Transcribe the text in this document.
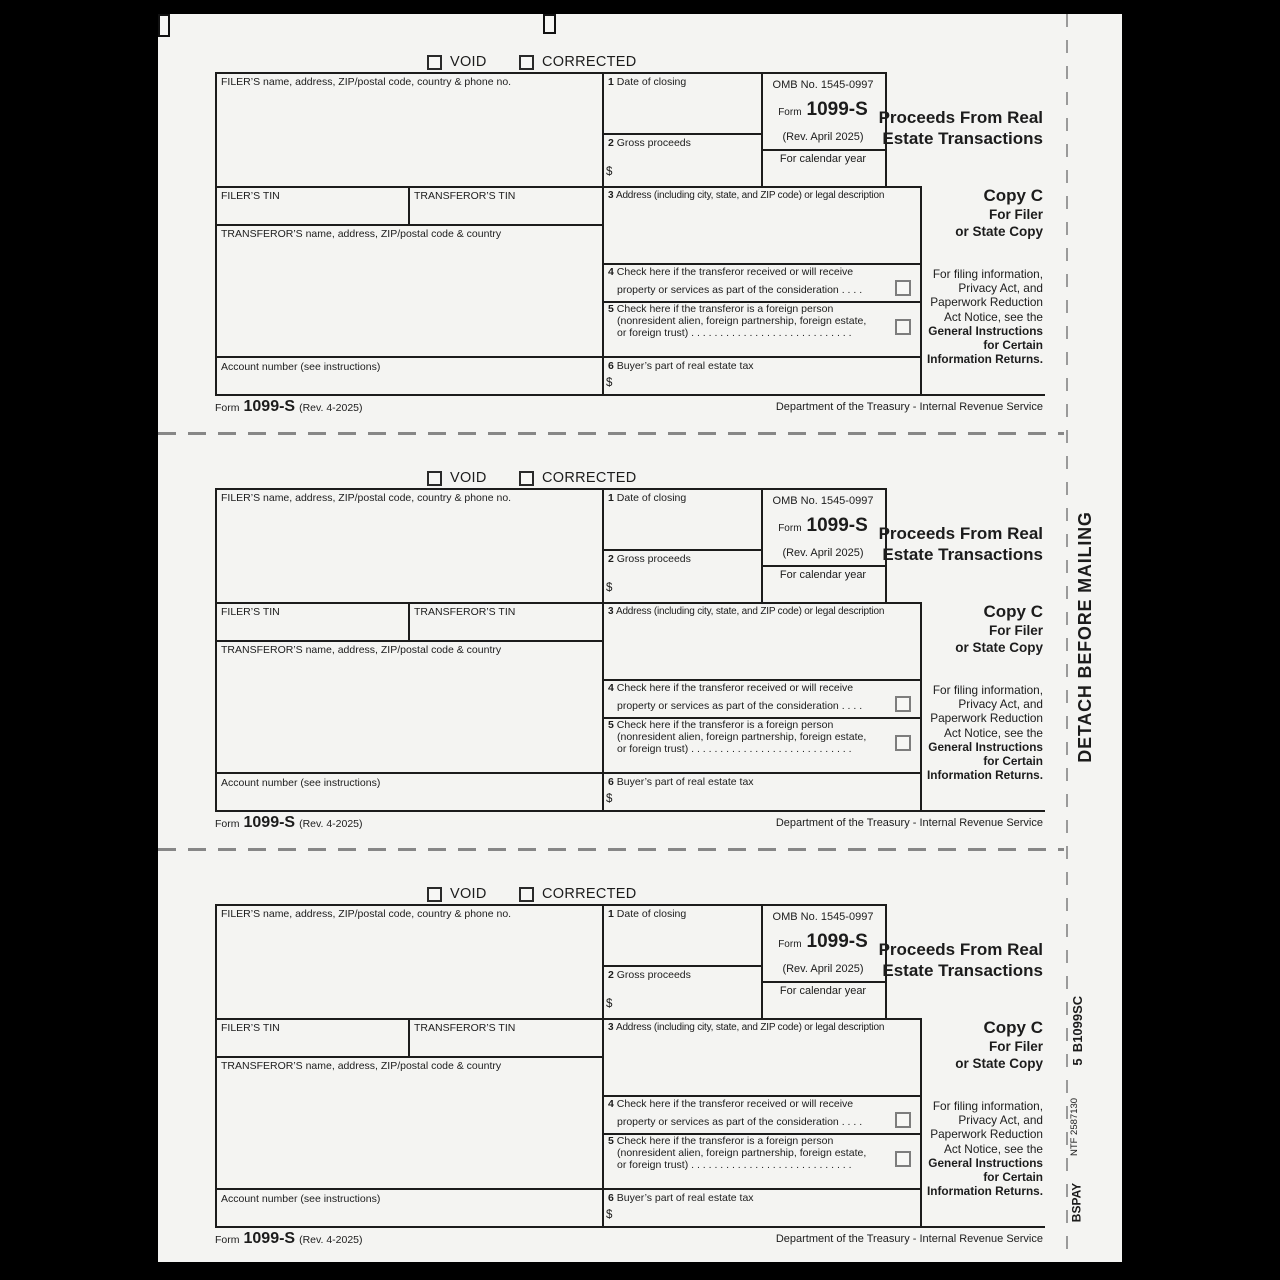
DETACH BEFORE MAILING
B1099SC
5
NTF 2587130
BSPAY
VOID	CORRECTED
FILER’S name, address, ZIP/postal code, country & phone no.
FILER’S TIN	TRANSFEROR’S TIN
TRANSFEROR’S name, address, ZIP/postal code & country
Account number (see instructions)
1 Date of closing
2 Gross proceeds
$
OMB No. 1545-0997
Form 1099-S
(Rev. April 2025)
For calendar year
Proceeds From Real
Estate Transactions
3 Address (including city, state, and ZIP code) or legal description	Copy C
For Filer
or State Copy
4 Check here if the transferor received or will receive
property or services as part of the consideration . . . .
5 Check here if the transferor is a foreign person
(nonresident alien, foreign partnership, foreign estate,
or foreign trust) . . . . . . . . . . . . . . . . . . . . . . . . . . . .
For filing information,
Privacy Act, and
Paperwork Reduction
Act Notice, see the
General Instructions
for Certain
Information Returns.
6 Buyer’s part of real estate tax
$
Form 1099-S (Rev. 4-2025)	Department of the Treasury - Internal Revenue Service
VOID	CORRECTED
FILER’S name, address, ZIP/postal code, country & phone no.
FILER’S TIN	TRANSFEROR’S TIN
TRANSFEROR’S name, address, ZIP/postal code & country
Account number (see instructions)
1 Date of closing
2 Gross proceeds
$
OMB No. 1545-0997
Form 1099-S
(Rev. April 2025)
For calendar year
Proceeds From Real
Estate Transactions
3 Address (including city, state, and ZIP code) or legal description	Copy C
For Filer
or State Copy
4 Check here if the transferor received or will receive
property or services as part of the consideration . . . .
5 Check here if the transferor is a foreign person
(nonresident alien, foreign partnership, foreign estate,
or foreign trust) . . . . . . . . . . . . . . . . . . . . . . . . . . . .
For filing information,
Privacy Act, and
Paperwork Reduction
Act Notice, see the
General Instructions
for Certain
Information Returns.
6 Buyer’s part of real estate tax
$
Form 1099-S (Rev. 4-2025)	Department of the Treasury - Internal Revenue Service
VOID	CORRECTED
FILER’S name, address, ZIP/postal code, country & phone no.
FILER’S TIN	TRANSFEROR’S TIN
TRANSFEROR’S name, address, ZIP/postal code & country
Account number (see instructions)
1 Date of closing
2 Gross proceeds
$
OMB No. 1545-0997
Form 1099-S
(Rev. April 2025)
For calendar year
Proceeds From Real
Estate Transactions
3 Address (including city, state, and ZIP code) or legal description	Copy C
For Filer
or State Copy
4 Check here if the transferor received or will receive
property or services as part of the consideration . . . .
5 Check here if the transferor is a foreign person
(nonresident alien, foreign partnership, foreign estate,
or foreign trust) . . . . . . . . . . . . . . . . . . . . . . . . . . . .
For filing information,
Privacy Act, and
Paperwork Reduction
Act Notice, see the
General Instructions
for Certain
Information Returns.
6 Buyer’s part of real estate tax
$
Form 1099-S (Rev. 4-2025)	Department of the Treasury - Internal Revenue Service
